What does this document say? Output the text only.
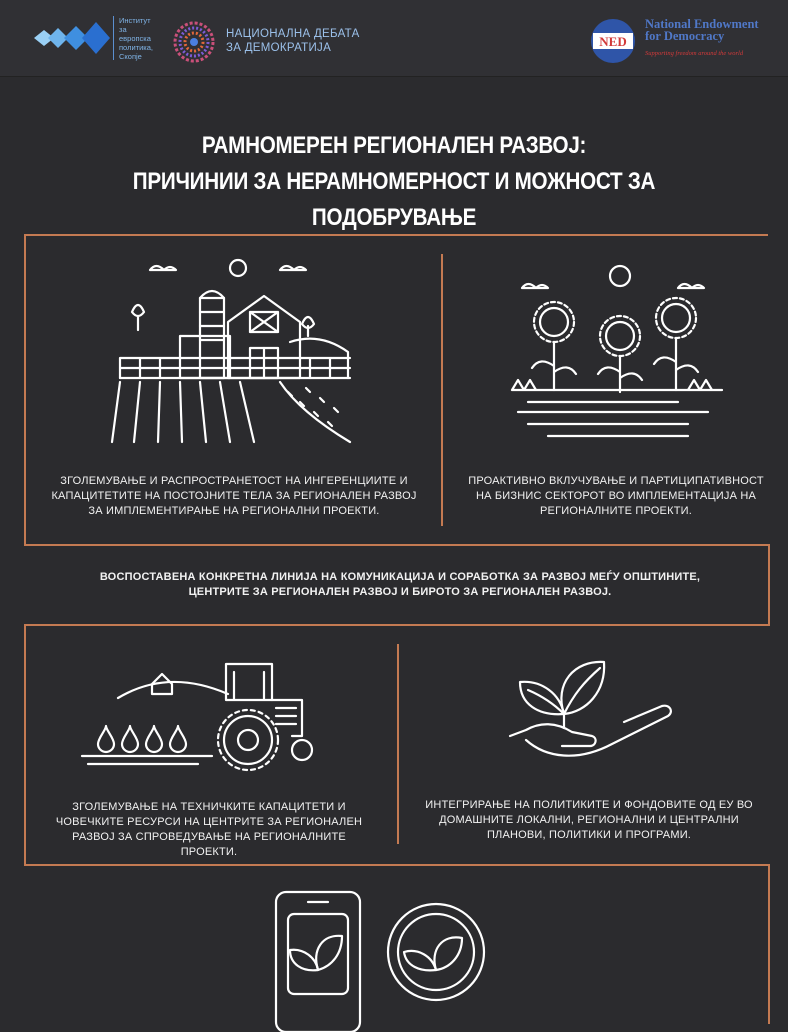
Институт
за
европска
политика,
Скопје
НАЦИОНАЛНА ДЕБАТА
ЗА ДЕМОКРАТИЈА	NED
National Endowment
for Democracy
Supporting freedom around the world
РАМНОМЕРЕН РЕГИОНАЛЕН РАЗВОЈ:
ПРИЧИНИИ ЗА НЕРАМНОМЕРНОСТ И МОЖНОСТ ЗА ПОДОБРУВАЊЕ
ЗГОЛЕМУВАЊЕ И РАСПРОСТРАНЕТОСТ НА ИНГЕРЕНЦИИТЕ И КАПАЦИТЕТИТЕ НА ПОСТОЈНИТЕ ТЕЛА ЗА РЕГИОНАЛЕН РАЗВОЈ ЗА ИМПЛЕМЕНТИРАЊЕ НА РЕГИОНАЛНИ ПРОЕКТИ.
ПРОАКТИВНО ВКЛУЧУВАЊЕ И ПАРТИЦИПАТИВНОСТ НА БИЗНИС СЕКТОРОТ ВО ИМПЛЕМЕНТАЦИЈА НА РЕГИОНАЛНИТЕ ПРОЕКТИ.
ВОСПОСТАВЕНА КОНКРЕТНА ЛИНИЈА НА КОМУНИКАЦИЈА И СОРАБОТКА ЗА РАЗВОЈ МЕЃУ ОПШТИНИТЕ, ЦЕНТРИТЕ ЗА РЕГИОНАЛЕН РАЗВОЈ И БИРОТО ЗА РЕГИОНАЛЕН РАЗВОЈ.
ЗГОЛЕМУВАЊЕ НА ТЕХНИЧКИТЕ КАПАЦИТЕТИ И ЧОВЕЧКИТЕ РЕСУРСИ НА ЦЕНТРИТЕ ЗА РЕГИОНАЛЕН РАЗВОЈ ЗА СПРОВЕДУВАЊЕ НА РЕГИОНАЛНИТЕ ПРОЕКТИ.
ИНТЕГРИРАЊЕ НА ПОЛИТИКИТЕ И ФОНДОВИТЕ ОД ЕУ ВО ДОМАШНИТЕ ЛОКАЛНИ, РЕГИОНАЛНИ И ЦЕНТРАЛНИ ПЛАНОВИ, ПОЛИТИКИ И ПРОГРАМИ.
